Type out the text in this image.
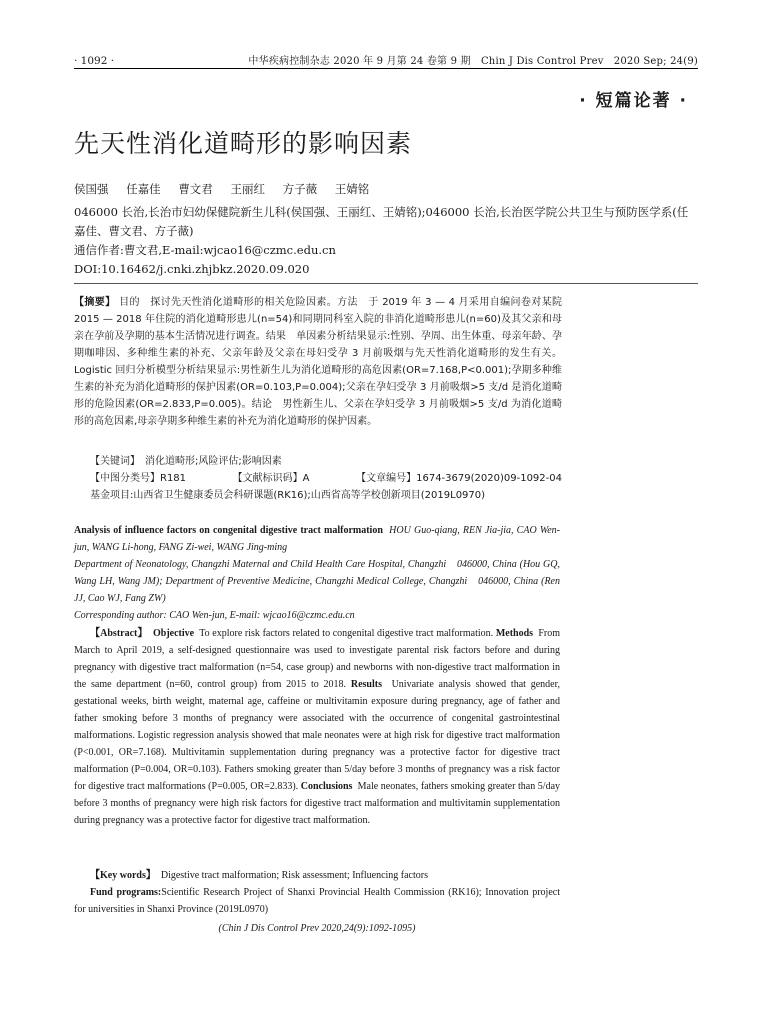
· 1092 ·	中华疾病控制杂志 2020 年 9 月第 24 卷第 9 期　Chin J Dis Control Prev　2020 Sep; 24(9)
· 短篇论著 ·
先天性消化道畸形的影响因素
侯国强 任嘉佳 曹文君 王丽红 方子薇 王婧铭
046000 长治,长治市妇幼保健院新生儿科(侯国强、王丽红、王婧铭);046000 长治,长治医学院公共卫生与预防医学系(任嘉佳、曹文君、方子薇)
通信作者:曹文君,E-mail:wjcao16@czmc.edu.cn
DOI:10.16462/j.cnki.zhjbkz.2020.09.020
【摘要】 目的　探讨先天性消化道畸形的相关危险因素。方法　于 2019 年 3 — 4 月采用自编问卷对某院 2015 — 2018 年住院的消化道畸形患儿(n=54)和同期同科室入院的非消化道畸形患儿(n=60)及其父亲和母亲在孕前及孕期的基本生活情况进行调查。结果　单因素分析结果显示:性别、孕周、出生体重、母亲年龄、孕期咖啡因、多种维生素的补充、父亲年龄及父亲在母妇受孕 3 月前吸烟与先天性消化道畸形的发生有关。Logistic 回归分析模型分析结果显示:男性新生儿为消化道畸形的高危因素(OR=7.168,P<0.001);孕期多种维生素的补充为消化道畸形的保护因素(OR=0.103,P=0.004);父亲在孕妇受孕 3 月前吸烟>5 支/d 是消化道畸形的危险因素(OR=2.833,P=0.005)。结论　男性新生儿、父亲在孕妇受孕 3 月前吸烟>5 支/d 为消化道畸形的高危因素,母亲孕期多种维生素的补充为消化道畸形的保护因素。
【关键词】　消化道畸形;风险评估;影响因素
【中图分类号】R181	【文献标识码】A	【文章编号】1674-3679(2020)09-1092-04
基金项目:山西省卫生健康委员会科研课题(RK16);山西省高等学校创新项目(2019L0970)
Analysis of influence factors on congenital digestive tract malformation HOU Guo-qiang, REN Jia-jia, CAO Wen-jun, WANG Li-hong, FANG Zi-wei, WANG Jing-ming
Department of Neonatology, Changzhi Maternal and Child Health Care Hospital, Changzhi　046000, China (Hou GQ, Wang LH, Wang JM); Department of Preventive Medicine, Changzhi Medical College, Changzhi　046000, China (Ren JJ, Cao WJ, Fang ZW)
Corresponding author: CAO Wen-jun, E-mail: wjcao16@czmc.edu.cn
【Abstract】 Objective To explore risk factors related to congenital digestive tract malformation. Methods From March to April 2019, a self-designed questionnaire was used to investigate parental risk factors before and during pregnancy with digestive tract malformation (n=54, case group) and newborns with non-digestive tract malformation in the same department (n=60, control group) from 2015 to 2018. Results Univariate analysis showed that gender, gestational weeks, birth weight, maternal age, caffeine or multivitamin exposure during pregnancy, age of father and father smoking before 3 months of pregnancy were associated with the occurrence of congenital gastrointestinal malformations. Logistic regression analysis showed that male neonates were at high risk for digestive tract malformation (P<0.001, OR=7.168). Multivitamin supplementation during pregnancy was a protective factor for digestive tract malformation (P=0.004, OR=0.103). Fathers smoking greater than 5/day before 3 months of pregnancy was a risk factor for digestive tract malformations (P=0.005, OR=2.833). Conclusions Male neonates, fathers smoking greater than 5/day before 3 months of pregnancy were high risk factors for digestive tract malformation and multivitamin supplementation during pregnancy was a protective factor for digestive tract malformation.
【Key words】 Digestive tract malformation; Risk assessment; Influencing factors
Fund programs:Scientific Research Project of Shanxi Provincial Health Commission (RK16); Innovation project for universities in Shanxi Province (2019L0970)
(Chin J Dis Control Prev 2020,24(9):1092-1095)
